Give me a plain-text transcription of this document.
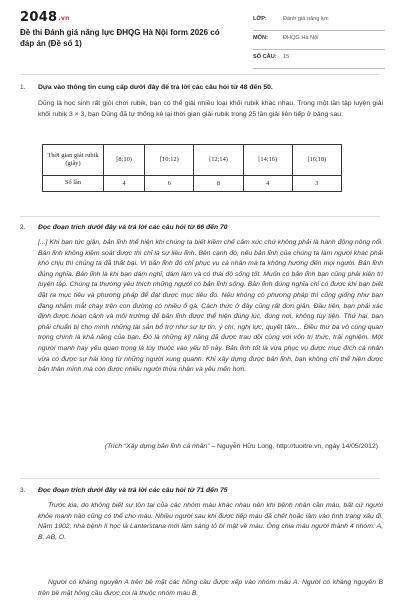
2048.vn
Đề thi Đánh giá năng lực ĐHQG Hà Nội form 2026 có đáp án (Đề số 1)
LỚP:	Đánh giá năng lực
MÔN:	ĐHQG Hà Nội
SỐ CÂU: 15
1. Dựa vào thông tin cung cấp dưới đây để trả lời các câu hỏi từ 48 đến 50.
Dũng là học sinh rất giỏi chơi rubik, bạn có thể giải nhiều loại khối rubik khác nhau. Trong một lần tập luyện giải khối rubik 3 × 3, bạn Dũng đã tự thống kê lại thời gian giải rubik trong 25 lần giải liên tiếp ở bảng sau:
Thời gian giải rubik (giây)	[8;10)	[10;12)	[12;14)	[14;16)	[16;18)
Số lần	4	6	8	4	3
2. Đọc đoạn trích dưới đây và trả lời các câu hỏi từ 66 đến 70
[...] Khi bạn tức giận, bản lĩnh thể hiện khi chúng ta biết kiềm chế cảm xúc chứ không phải là hành động nông nổi. Bản lĩnh không kiềm soát được thì chỉ là sự liều lĩnh. Bên cạnh đó, nếu bản lĩnh của chúng ta làm người khác phải khó chịu thì chúng ta đã thất bại. Vì bản lĩnh đó chỉ phục vụ cá nhân mà ta không hướng đến mọi người. Bản lĩnh đúng nghĩa. Bản lĩnh là khi bạn dám nghĩ, dám làm và có thái độ sống tốt. Muốn có bản lĩnh bạn cũng phải kiên trì luyện tập. Chúng ta thường yêu thích những người có bản lĩnh sống. Bản lĩnh đúng nghĩa chỉ có được khi bạn biết đặt ra mục tiêu và phương pháp để đạt được mục tiêu đó. Nếu không có phương pháp thì cũng giống như bạn đang nhắm mắt chạy trên con đường có nhiều ổ gà. Cách thức ở đây cũng rất đơn giản. Đầu tiên, bạn phải xác định được hoàn cảnh và môi trường để bản lĩnh được thể hiện đúng lúc, đúng nơi, không tùy tiện. Thứ hai, bạn phải chuẩn bị cho mình những tài sản bổ trợ như sự tự tin, ý chí, nghị lực, quyết tâm... Điều thứ ba vô cùng quan trọng chính là khả năng của bạn. Đó là những kỹ năng đã được trau dồi cùng với vốn tri thức, trải nghiệm. Một người mạnh hay yếu quan trọng là tùy thuộc vào yếu tố này. Bản lĩnh tốt là vừa phục vụ được mục đích cá nhân vừa có được sự hài lòng từ những người xung quanh. Khi xây dựng được bản lĩnh, bạn không chỉ thể hiện được bản thân mình mà còn được nhiều người thừa nhận và yêu mến hơn.
(Trích “Xây dựng bản lĩnh cá nhân” – Nguyễn Hữu Long, http://tuoitre.vn, ngày 14/05/2012)
3. Đọc đoạn trích dưới đây và trả lời các câu hỏi từ 71 đến 75
Trước kia, do không biết sự tồn tại của các nhóm máu khác nhau nên khi bệnh nhân cần máu, bất cứ người khỏe mạnh nào cũng có thể cho máu. Nhiều người sau khi được tiếp máu đã chết hoặc lâm vào tình trạng xấu đi. Năm 1902, nhà bệnh lí học là Lanterstana mới làm sáng tỏ bí mật về máu. Ông chia máu người thành 4 nhóm: A, B, AB, O.
Người có kháng nguyên A trên bề mặt các hồng cầu được xếp vào nhóm máu A. Người có kháng nguyên B trên bề mặt hồng cầu được coi là thuộc nhóm máu B.
